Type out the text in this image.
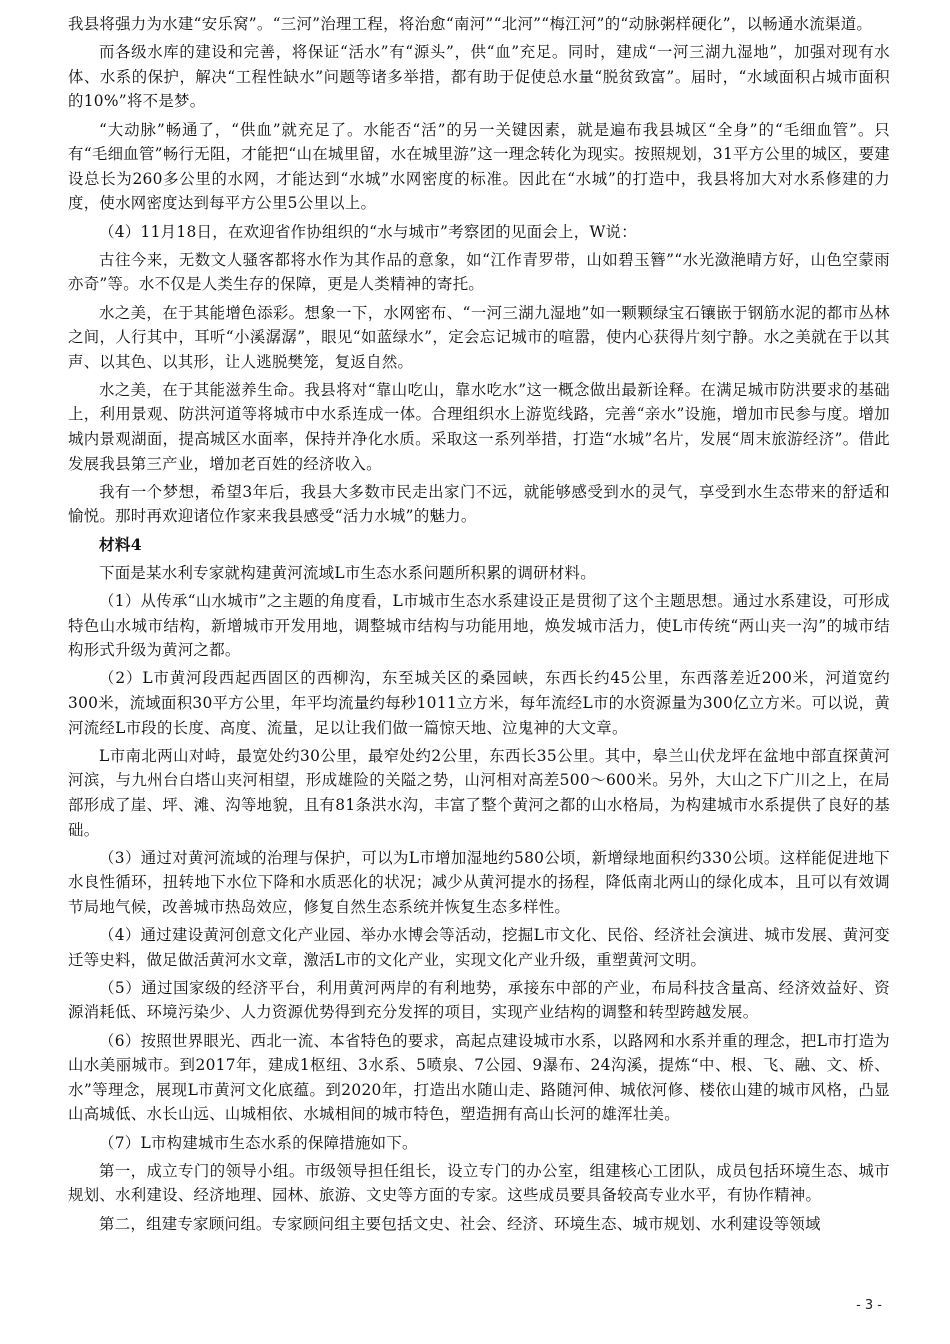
我县将强力为水建“安乐窝”。“三河”治理工程，将治愈“南河”“北河”“梅江河”的“动脉粥样硬化”，以畅通水流渠道。

而各级水库的建设和完善，将保证“活水”有“源头”，供“血”充足。同时，建成“一河三湖九湿地”，加强对现有水体、水系的保护，解决“工程性缺水”问题等诸多举措，都有助于促使总水量“脱贫致富”。届时，“水域面积占城市面积的10%”将不是梦。

“大动脉”畅通了，“供血”就充足了。水能否“活”的另一关键因素，就是遍布我县城区“全身”的“毛细血管”。只有“毛细血管”畅行无阻，才能把“山在城里留，水在城里游”这一理念转化为现实。按照规划，31平方公里的城区，要建设总长为260多公里的水网，才能达到“水城”水网密度的标准。因此在“水城”的打造中，我县将加大对水系修建的力度，使水网密度达到每平方公里5公里以上。

（4）11月18日，在欢迎省作协组织的“水与城市”考察团的见面会上，W说：

古往今来，无数文人骚客都将水作为其作品的意象，如“江作青罗带，山如碧玉簪”“水光潋滟晴方好，山色空蒙雨亦奇”等。水不仅是人类生存的保障，更是人类精神的寄托。

水之美，在于其能增色添彩。想象一下，水网密布、“一河三湖九湿地”如一颗颗绿宝石镶嵌于钢筋水泥的都市丛林之间，人行其中，耳听“小溪潺潺”，眼见“如蓝绿水”，定会忘记城市的喧嚣，使内心获得片刻宁静。水之美就在于以其声、以其色、以其形，让人逃脱樊笼，复返自然。

水之美，在于其能滋养生命。我县将对“靠山吃山，靠水吃水”这一概念做出最新诠释。在满足城市防洪要求的基础上，利用景观、防洪河道等将城市中水系连成一体。合理组织水上游览线路，完善“亲水”设施，增加市民参与度。增加城内景观湖面，提高城区水面率，保持并净化水质。采取这一系列举措，打造“水城”名片，发展“周末旅游经济”。借此发展我县第三产业，增加老百姓的经济收入。

我有一个梦想，希望3年后，我县大多数市民走出家门不远，就能够感受到水的灵气，享受到水生态带来的舒适和愉悦。那时再欢迎诸位作家来我县感受“活力水城”的魅力。

材料4

下面是某水利专家就构建黄河流域L市生态水系问题所积累的调研材料。

（1）从传承“山水城市”之主题的角度看，L市城市生态水系建设正是贯彻了这个主题思想。通过水系建设，可形成特色山水城市结构，新增城市开发用地，调整城市结构与功能用地，焕发城市活力，使L市传统“两山夹一沟”的城市结构形式升级为黄河之都。

（2）L市黄河段西起西固区的西柳沟，东至城关区的桑园峡，东西长约45公里，东西落差近200米，河道宽约300米，流域面积30平方公里，年平均流量约每秒1011立方米，每年流经L市的水资源量为300亿立方米。可以说，黄河流经L市段的长度、高度、流量，足以让我们做一篇惊天地、泣鬼神的大文章。

L市南北两山对峙，最宽处约30公里，最窄处约2公里，东西长35公里。其中，皋兰山伏龙坪在盆地中部直探黄河河滨，与九州台白塔山夹河相望，形成雄险的关隘之势，山河相对高差500～600米。另外，大山之下广川之上，在局部形成了崖、坪、滩、沟等地貌，且有81条洪水沟，丰富了整个黄河之都的山水格局，为构建城市水系提供了良好的基础。

（3）通过对黄河流域的治理与保护，可以为L市增加湿地约580公顷，新增绿地面积约330公顷。这样能促进地下水良性循环，扭转地下水位下降和水质恶化的状况；减少从黄河提水的扬程，降低南北两山的绿化成本，且可以有效调节局地气候，改善城市热岛效应，修复自然生态系统并恢复生态多样性。

（4）通过建设黄河创意文化产业园、举办水博会等活动，挖掘L市文化、民俗、经济社会演进、城市发展、黄河变迁等史料，做足做活黄河水文章，激活L市的文化产业，实现文化产业升级，重塑黄河文明。

（5）通过国家级的经济平台，利用黄河两岸的有利地势，承接东中部的产业，布局科技含量高、经济效益好、资源消耗低、环境污染少、人力资源优势得到充分发挥的项目，实现产业结构的调整和转型跨越发展。

（6）按照世界眼光、西北一流、本省特色的要求，高起点建设城市水系，以路网和水系并重的理念，把L市打造为山水美丽城市。到2017年，建成1枢纽、3水系、5喷泉、7公园、9瀑布、24沟溪，提炼“中、根、飞、融、文、桥、水”等理念，展现L市黄河文化底蕴。到2020年，打造出水随山走、路随河伸、城依河修、楼依山建的城市风格，凸显山高城低、水长山远、山城相依、水城相间的城市特色，塑造拥有高山长河的雄浑壮美。

（7）L市构建城市生态水系的保障措施如下。

第一，成立专门的领导小组。市级领导担任组长，设立专门的办公室，组建核心工团队，成员包括环境生态、城市规划、水利建设、经济地理、园林、旅游、文史等方面的专家。这些成员要具备较高专业水平，有协作精神。

第二，组建专家顾问组。专家顾问组主要包括文史、社会、经济、环境生态、城市规划、水利建设等领域

- 3 -
